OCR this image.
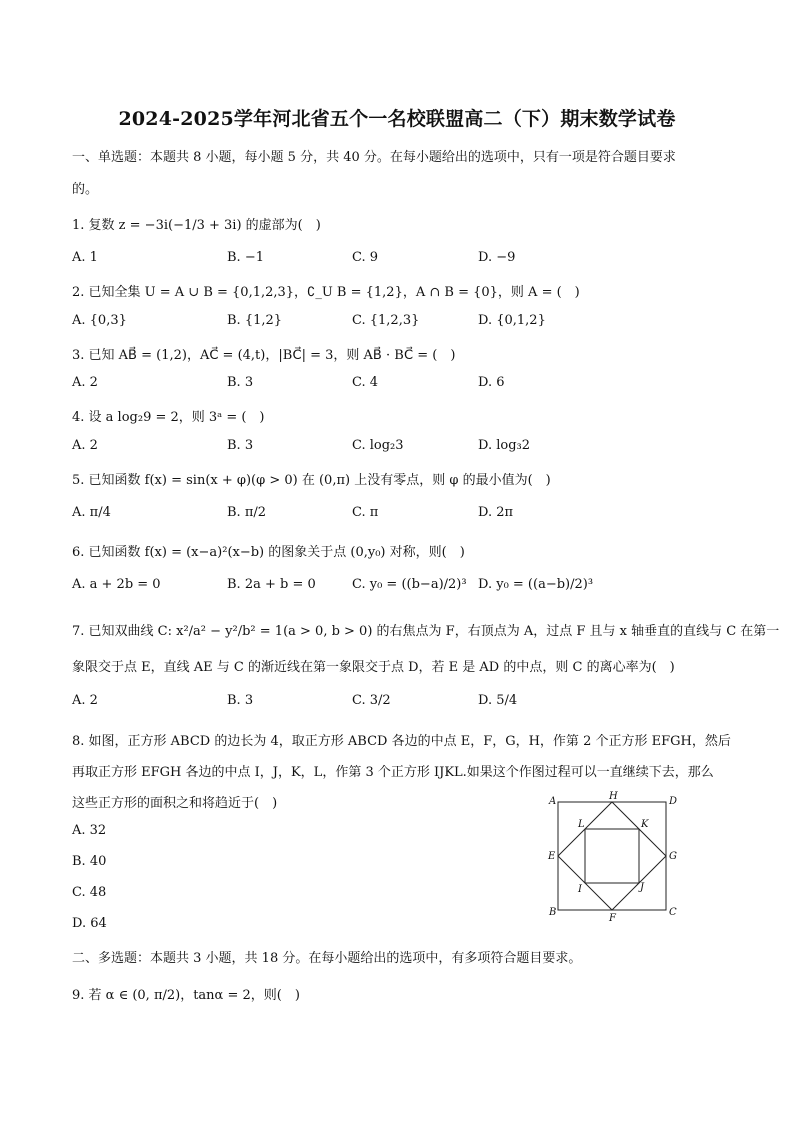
2024-2025学年河北省五个一名校联盟高二（下）期末数学试卷
一、单选题：本题共 8 小题，每小题 5 分，共 40 分。在每小题给出的选项中，只有一项是符合题目要求
的。
1. 复数 z = −3i(−1/3 + 3i) 的虚部为(　)
A. 1	B. −1	C. 9	D. −9
2. 已知全集 U = A ∪ B = {0,1,2,3}，∁_U B = {1,2}，A ∩ B = {0}，则 A = (　)
A. {0,3}	B. {1,2}	C. {1,2,3}	D. {0,1,2}
3. 已知 AB⃗ = (1,2)，AC⃗ = (4,t)，|BC⃗| = 3，则 AB⃗ · BC⃗ = (　)
A. 2	B. 3	C. 4	D. 6
4. 设 a log₂9 = 2，则 3ᵃ = (　)
A. 2	B. 3	C. log₂3	D. log₃2
5. 已知函数 f(x) = sin(x + φ)(φ > 0) 在 (0,π) 上没有零点，则 φ 的最小值为(　)
A. π/4	B. π/2	C. π	D. 2π
6. 已知函数 f(x) = (x−a)²(x−b) 的图象关于点 (0,y₀) 对称，则(　)
A. a + 2b = 0	B. 2a + b = 0	C. y₀ = ((b−a)/2)³ D. y₀ = ((a−b)/2)³
7. 已知双曲线 C: x²/a² − y²/b² = 1(a > 0, b > 0) 的右焦点为 F，右顶点为 A，过点 F 且与 x 轴垂直的直线与 C 在第一
象限交于点 E，直线 AE 与 C 的渐近线在第一象限交于点 D，若 E 是 AD 的中点，则 C 的离心率为(　)
A. 2	B. 3	C. 3/2	D. 5/4
8. 如图，正方形 ABCD 的边长为 4，取正方形 ABCD 各边的中点 E，F，G，H，作第 2 个正方形 EFGH，然后
再取正方形 EFGH 各边的中点 I，J，K，L，作第 3 个正方形 IJKL.如果这个作图过程可以一直继续下去，那么
这些正方形的面积之和将趋近于(　)
A. 32
B. 40
C. 48
D. 64
A
B	C
D
E
F
G
H
I	J
K
L
二、多选题：本题共 3 小题，共 18 分。在每小题给出的选项中，有多项符合题目要求。
9. 若 α ∈ (0, π/2)，tanα = 2，则(　)
